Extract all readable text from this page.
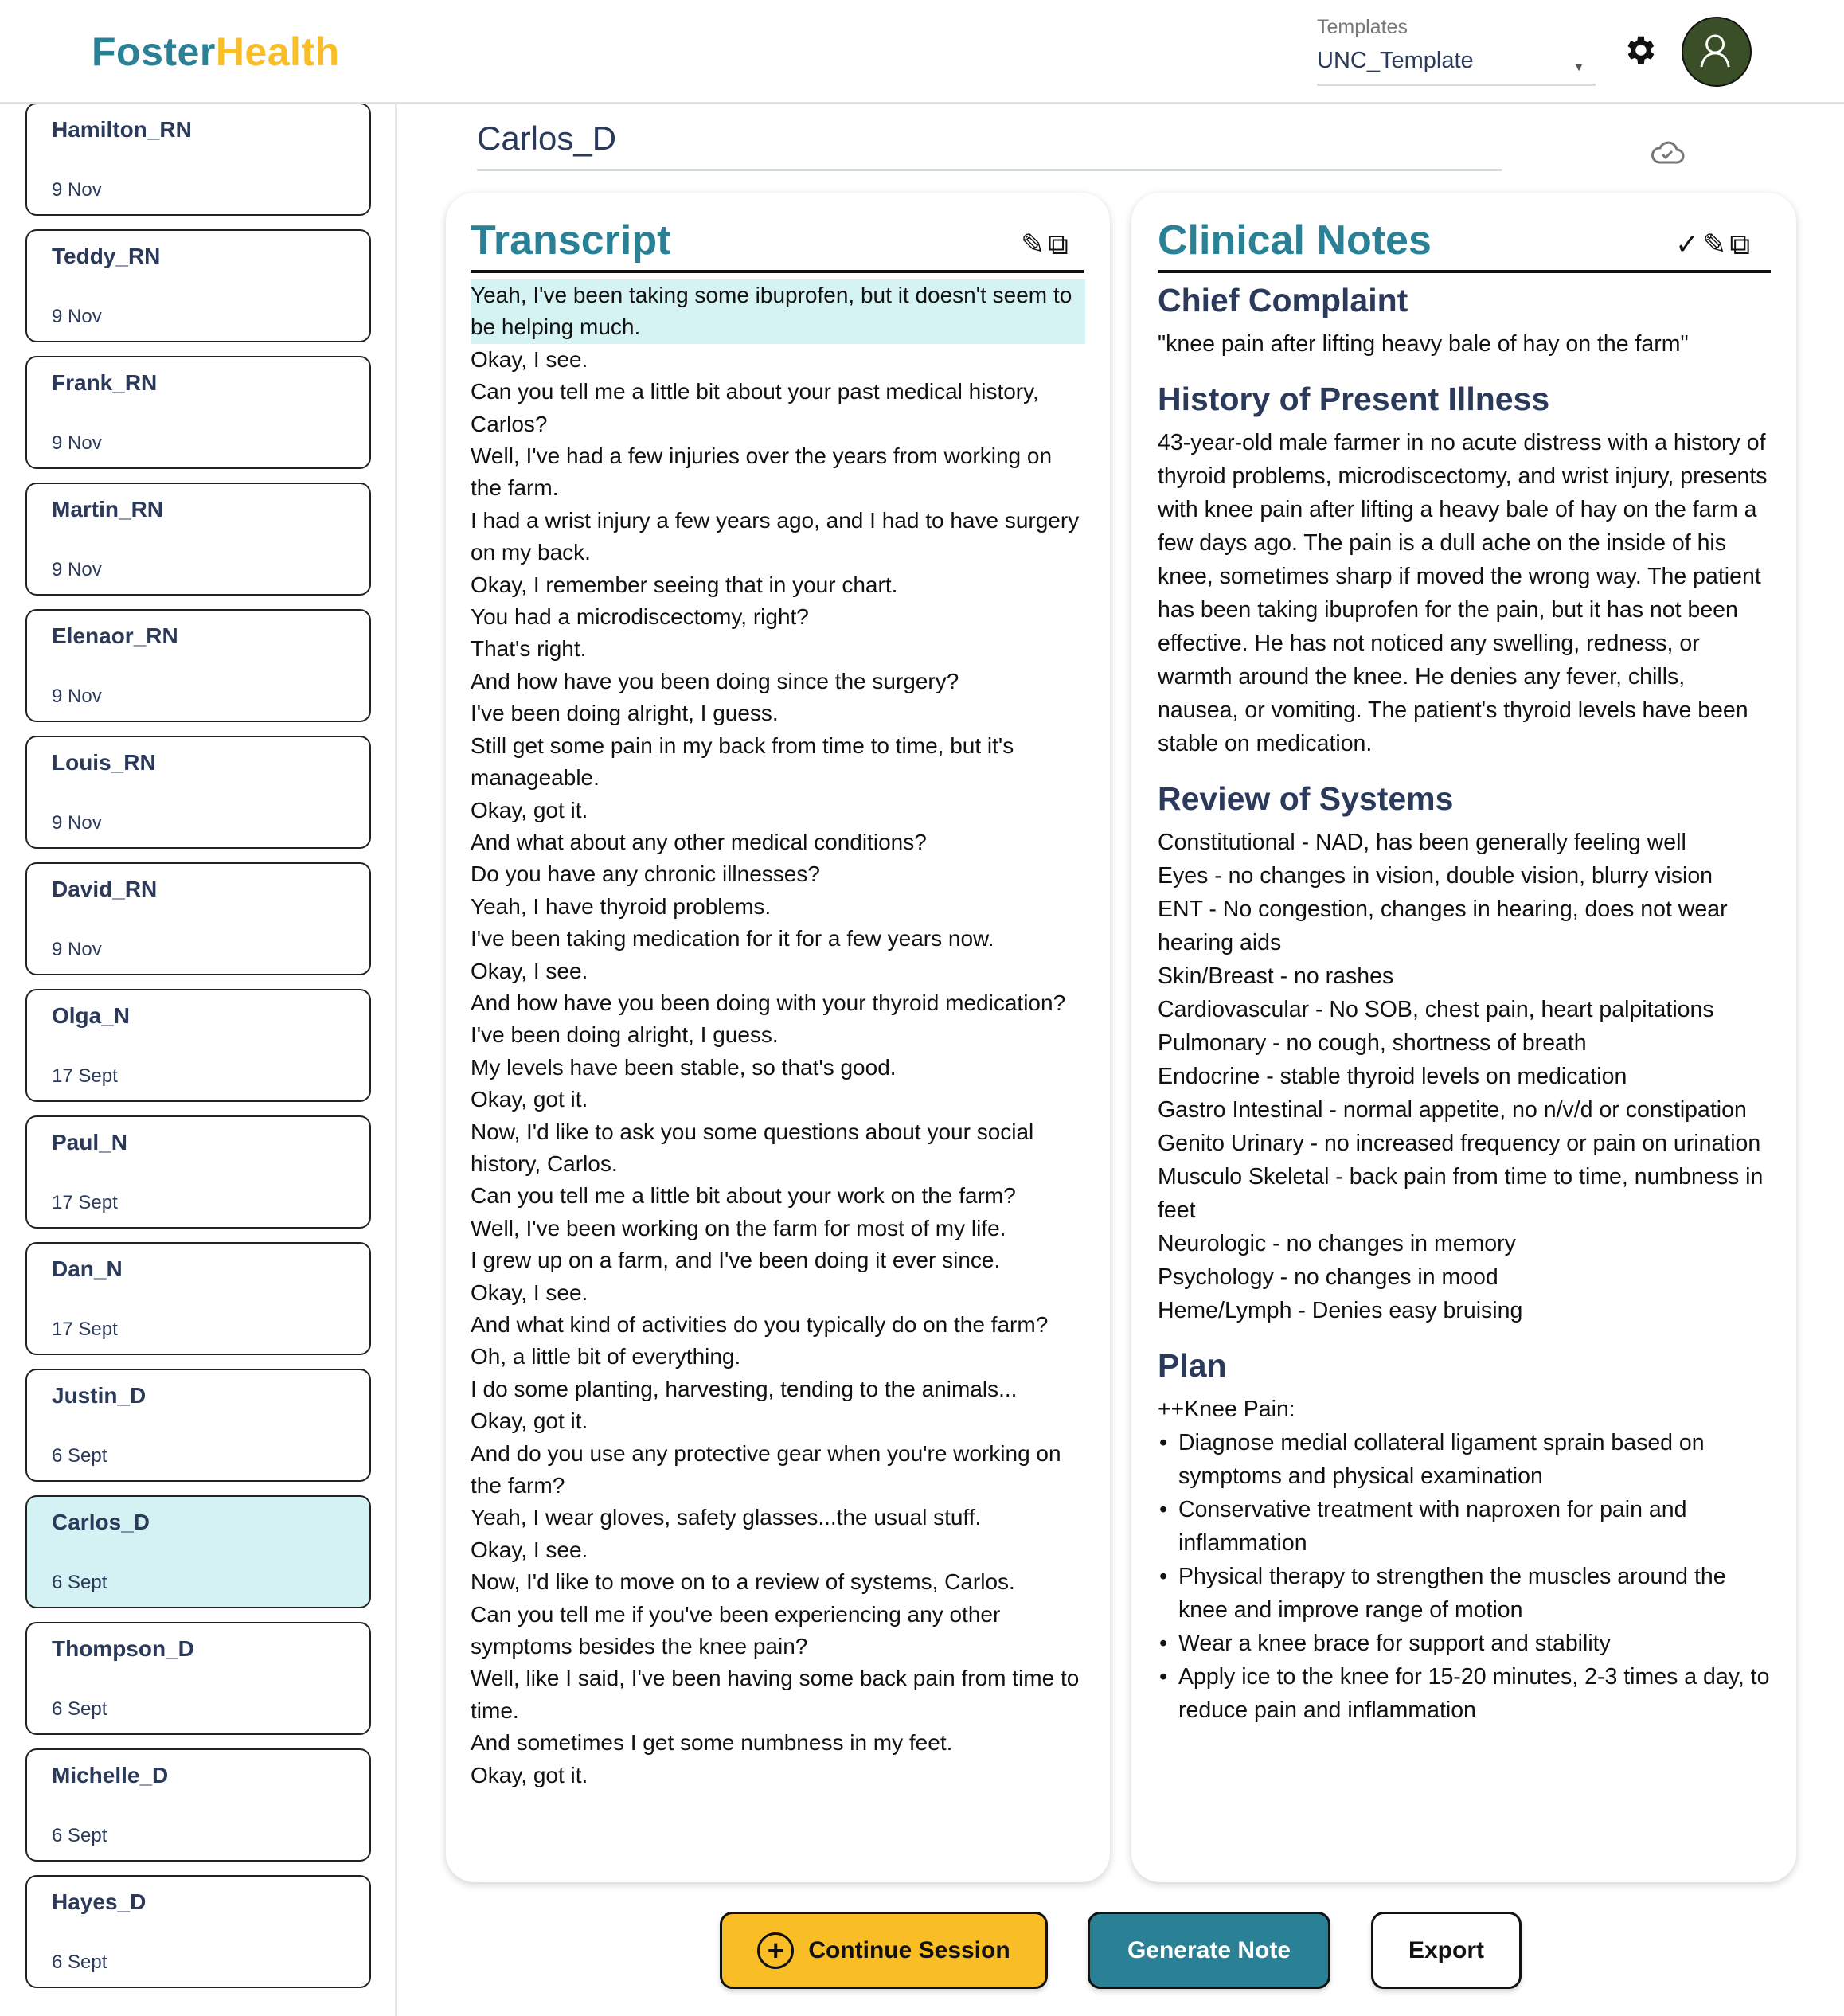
FosterHealth
Templates
UNC_Template	▼
Hamilton_RN
9 Nov
Teddy_RN
9 Nov
Frank_RN
9 Nov
Martin_RN
9 Nov
Elenaor_RN
9 Nov
Louis_RN
9 Nov
David_RN
9 Nov
Olga_N
17 Sept
Paul_N
17 Sept
Dan_N
17 Sept
Justin_D
6 Sept
Carlos_D
6 Sept
Thompson_D
6 Sept
Michelle_D
6 Sept
Hayes_D
6 Sept
Carlos_D
Transcript	✎⧉
Yeah, I've been taking some ibuprofen, but it doesn't seem to be helping much.
Okay, I see.
Can you tell me a little bit about your past medical history, Carlos?
Well, I've had a few injuries over the years from working on the farm.
I had a wrist injury a few years ago, and I had to have surgery on my back.
Okay, I remember seeing that in your chart.
You had a microdiscectomy, right?
That's right.
And how have you been doing since the surgery?
I've been doing alright, I guess.
Still get some pain in my back from time to time, but it's manageable.
Okay, got it.
And what about any other medical conditions?
Do you have any chronic illnesses?
Yeah, I have thyroid problems.
I've been taking medication for it for a few years now.
Okay, I see.
And how have you been doing with your thyroid medication?
I've been doing alright, I guess.
My levels have been stable, so that's good.
Okay, got it.
Now, I'd like to ask you some questions about your social history, Carlos.
Can you tell me a little bit about your work on the farm?
Well, I've been working on the farm for most of my life.
I grew up on a farm, and I've been doing it ever since.
Okay, I see.
And what kind of activities do you typically do on the farm?
Oh, a little bit of everything.
I do some planting, harvesting, tending to the animals...
Okay, got it.
And do you use any protective gear when you're working on the farm?
Yeah, I wear gloves, safety glasses...the usual stuff.
Okay, I see.
Now, I'd like to move on to a review of systems, Carlos.
Can you tell me if you've been experiencing any other symptoms besides the knee pain?
Well, like I said, I've been having some back pain from time to time.
And sometimes I get some numbness in my feet.
Okay, got it.
Clinical Notes	✓✎⧉
Chief Complaint

"knee pain after lifting heavy bale of hay on the farm"

History of Present Illness

43-year-old male farmer in no acute distress with a history of thyroid problems, microdiscectomy, and wrist injury, presents with knee pain after lifting a heavy bale of hay on the farm a few days ago. The pain is a dull ache on the inside of his knee, sometimes sharp if moved the wrong way. The patient has been taking ibuprofen for the pain, but it has not been effective. He has not noticed any swelling, redness, or warmth around the knee. He denies any fever, chills, nausea, or vomiting. The patient's thyroid levels have been stable on medication.

Review of Systems
Constitutional - NAD, has been generally feeling well
Eyes - no changes in vision, double vision, blurry vision
ENT - No congestion, changes in hearing, does not wear hearing aids
Skin/Breast - no rashes
Cardiovascular - No SOB, chest pain, heart palpitations
Pulmonary - no cough, shortness of breath
Endocrine - stable thyroid levels on medication
Gastro Intestinal - normal appetite, no n/v/d or constipation
Genito Urinary - no increased frequency or pain on urination
Musculo Skeletal - back pain from time to time, numbness in feet
Neurologic - no changes in memory
Psychology - no changes in mood
Heme/Lymph - Denies easy bruising
Plan

++Knee Pain:

• Diagnose medial collateral ligament sprain based on symptoms and physical examination
• Conservative treatment with naproxen for pain and inflammation
• Physical therapy to strengthen the muscles around the knee and improve range of motion
• Wear a knee brace for support and stability
• Apply ice to the knee for 15-20 minutes, 2-3 times a day, to reduce pain and inflammation
+	Continue Session	Generate Note	Export
